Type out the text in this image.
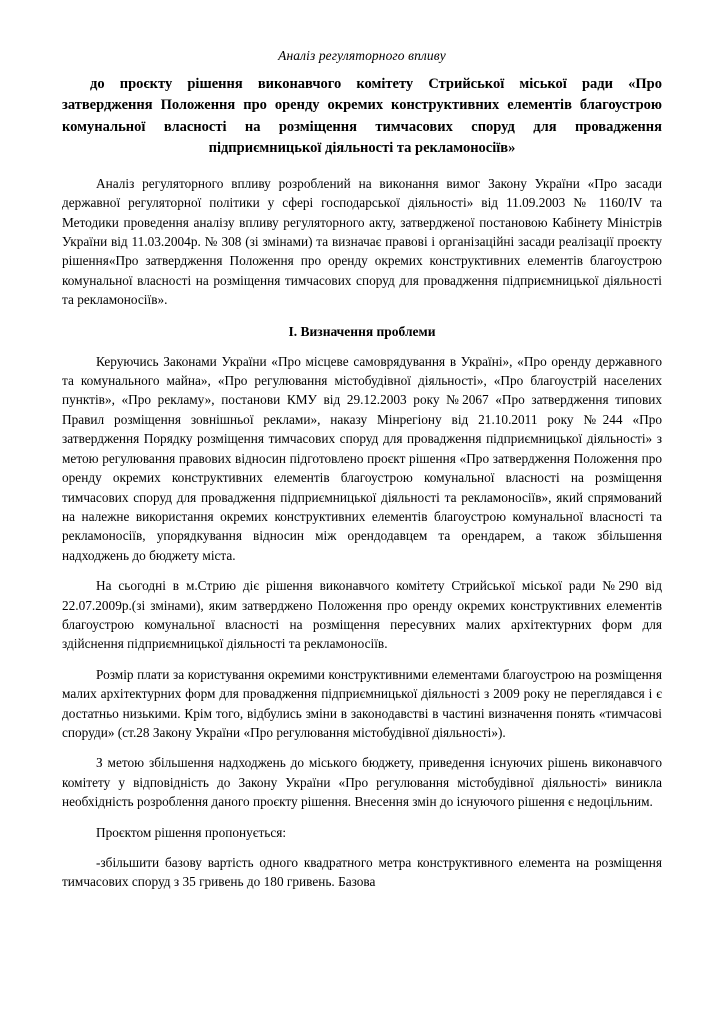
Аналіз регуляторного впливу
до проєкту рішення виконавчого комітету Стрийської міської ради «Про затвердження Положення про оренду окремих конструктивних елементів благоустрою комунальної власності на розміщення тимчасових споруд для провадження підприємницької діяльності та рекламоносіїв»

Аналіз регуляторного впливу розроблений на виконання вимог Закону України «Про засади державної регуляторної політики у сфері господарської діяльності» від 11.09.2003 № 1160/IV та Методики проведення аналізу впливу регуляторного акту, затвердженої постановою Кабінету Міністрів України від 11.03.2004р. № 308 (зі змінами) та визначає правові і організаційні засади реалізації проєкту рішення«Про затвердження Положення про оренду окремих конструктивних елементів благоустрою комунальної власності на розміщення тимчасових споруд для провадження підприємницької діяльності та рекламоносіїв».

І. Визначення проблеми

Керуючись Законами України «Про місцеве самоврядування в Україні», «Про оренду державного та комунального майна», «Про регулювання містобудівної діяльності», «Про благоустрій населених пунктів», «Про рекламу», постанови КМУ від 29.12.2003 року №2067 «Про затвердження типових Правил розміщення зовнішньої реклами», наказу Мінрегіону від 21.10.2011 року №244 «Про затвердження Порядку розміщення тимчасових споруд для провадження підприємницької діяльності» з метою регулювання правових відносин підготовлено проєкт рішення «Про затвердження Положення про оренду окремих конструктивних елементів благоустрою комунальної власності на розміщення тимчасових споруд для провадження підприємницької діяльності та рекламоносіїв», який спрямований на належне використання окремих конструктивних елементів благоустрою комунальної власності та рекламоносіїв, упорядкування відносин між орендодавцем та орендарем, а також збільшення надходжень до бюджету міста.

На сьогодні в м.Стрию діє рішення виконавчого комітету Стрийської міської ради №290 від 22.07.2009р.(зі змінами), яким затверджено Положення про оренду окремих конструктивних елементів благоустрою комунальної власності на розміщення пересувних малих архітектурних форм для здійснення підприємницької діяльності та рекламоносіїв.

Розмір плати за користування окремими конструктивними елементами благоустрою на розміщення малих архітектурних форм для провадження підприємницької діяльності з 2009 року не переглядався і є достатньо низькими. Крім того, відбулись зміни в законодавстві в частині визначення понять «тимчасові споруди» (ст.28 Закону України «Про регулювання містобудівної діяльності»).

З метою збільшення надходжень до міського бюджету, приведення існуючих рішень виконавчого комітету у відповідність до Закону України «Про регулювання містобудівної діяльності» виникла необхідність розроблення даного проєкту рішення. Внесення змін до існуючого рішення є недоцільним.

Проєктом рішення пропонується:

-збільшити базову вартість одного квадратного метра конструктивного елемента на розміщення тимчасових споруд з 35 гривень до 180 гривень. Базова
